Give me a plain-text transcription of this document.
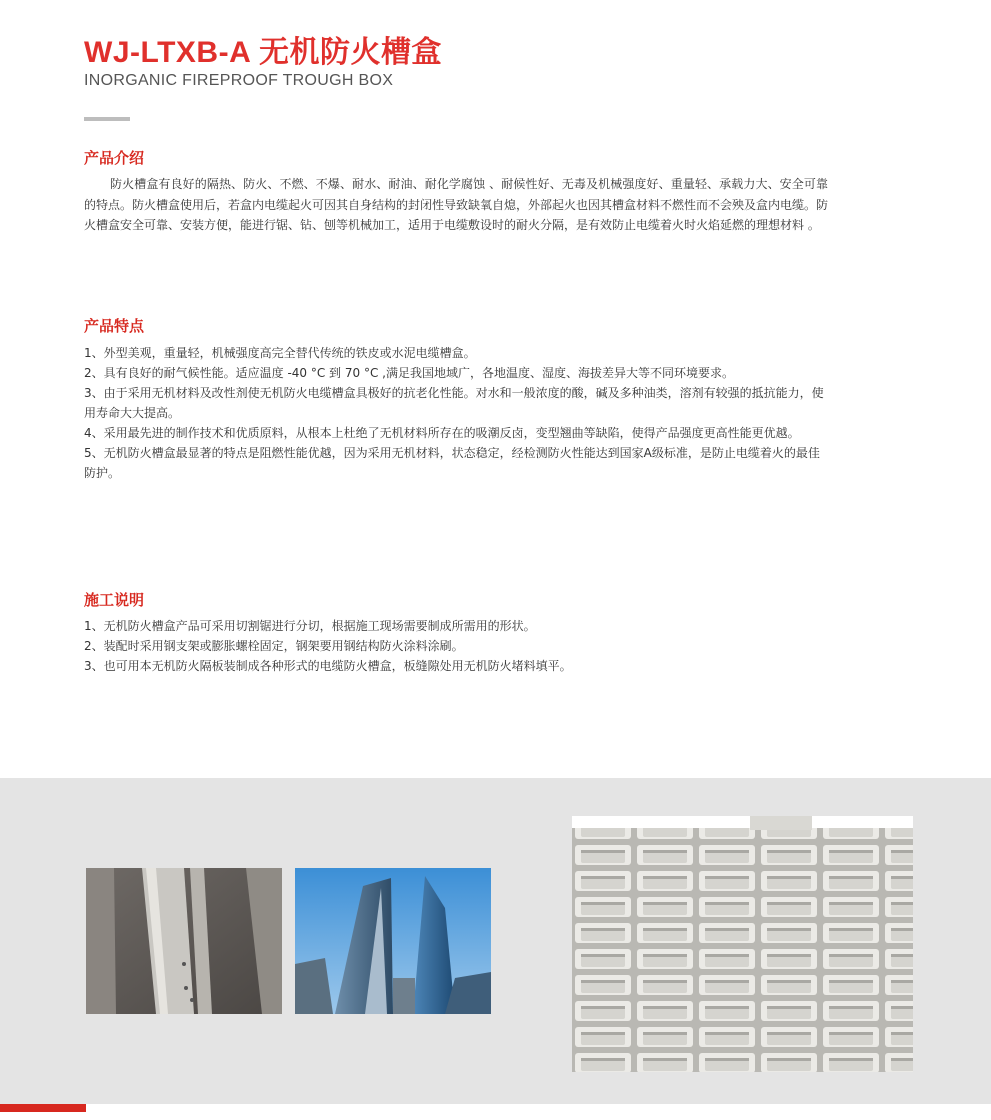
WJ-LTXB-A 无机防火槽盒
INORGANIC FIREPROOF TROUGH BOX
产品介绍

防火槽盒有良好的隔热、防火、不燃、不爆、耐水、耐油、耐化学腐蚀 、耐候性好、无毒及机械强度好、重量轻、承载力大、安全可靠的特点。防火槽盒使用后，若盒内电缆起火可因其自身结构的封闭性导致缺氧自熄，外部起火也因其槽盒材料不燃性而不会殃及盒内电缆。防火槽盒安全可靠、安装方便，能进行锯、钻、刨等机械加工，适用于电缆敷设时的耐火分隔，是有效防止电缆着火时火焰延燃的理想材料 。

产品特点
1、外型美观，重量轻，机械强度高完全替代传统的铁皮或水泥电缆槽盒。
2、具有良好的耐气候性能。适应温度 -40 °C 到 70 °C ,满足我国地域广，各地温度、湿度、海拔差异大等不同环境要求。
3、由于采用无机材料及改性剂使无机防火电缆槽盒具极好的抗老化性能。对水和一般浓度的酸，碱及多种油类，溶剂有较强的抵抗能力，使用寿命大大提高。
4、采用最先进的制作技术和优质原料，从根本上杜绝了无机材料所存在的吸潮反卤，变型翘曲等缺陷，使得产品强度更高性能更优越。
5、无机防火槽盒最显著的特点是阻燃性能优越，因为采用无机材料，状态稳定，经检测防火性能达到国家A级标准，是防止电缆着火的最佳防护。
施工说明
1、无机防火槽盒产品可采用切割锯进行分切，根据施工现场需要制成所需用的形状。
2、装配时采用钢支架或膨胀螺栓固定，钢架要用钢结构防火涂料涂刷。
3、也可用本无机防火隔板装制成各种形式的电缆防火槽盒，板缝隙处用无机防火堵料填平。
